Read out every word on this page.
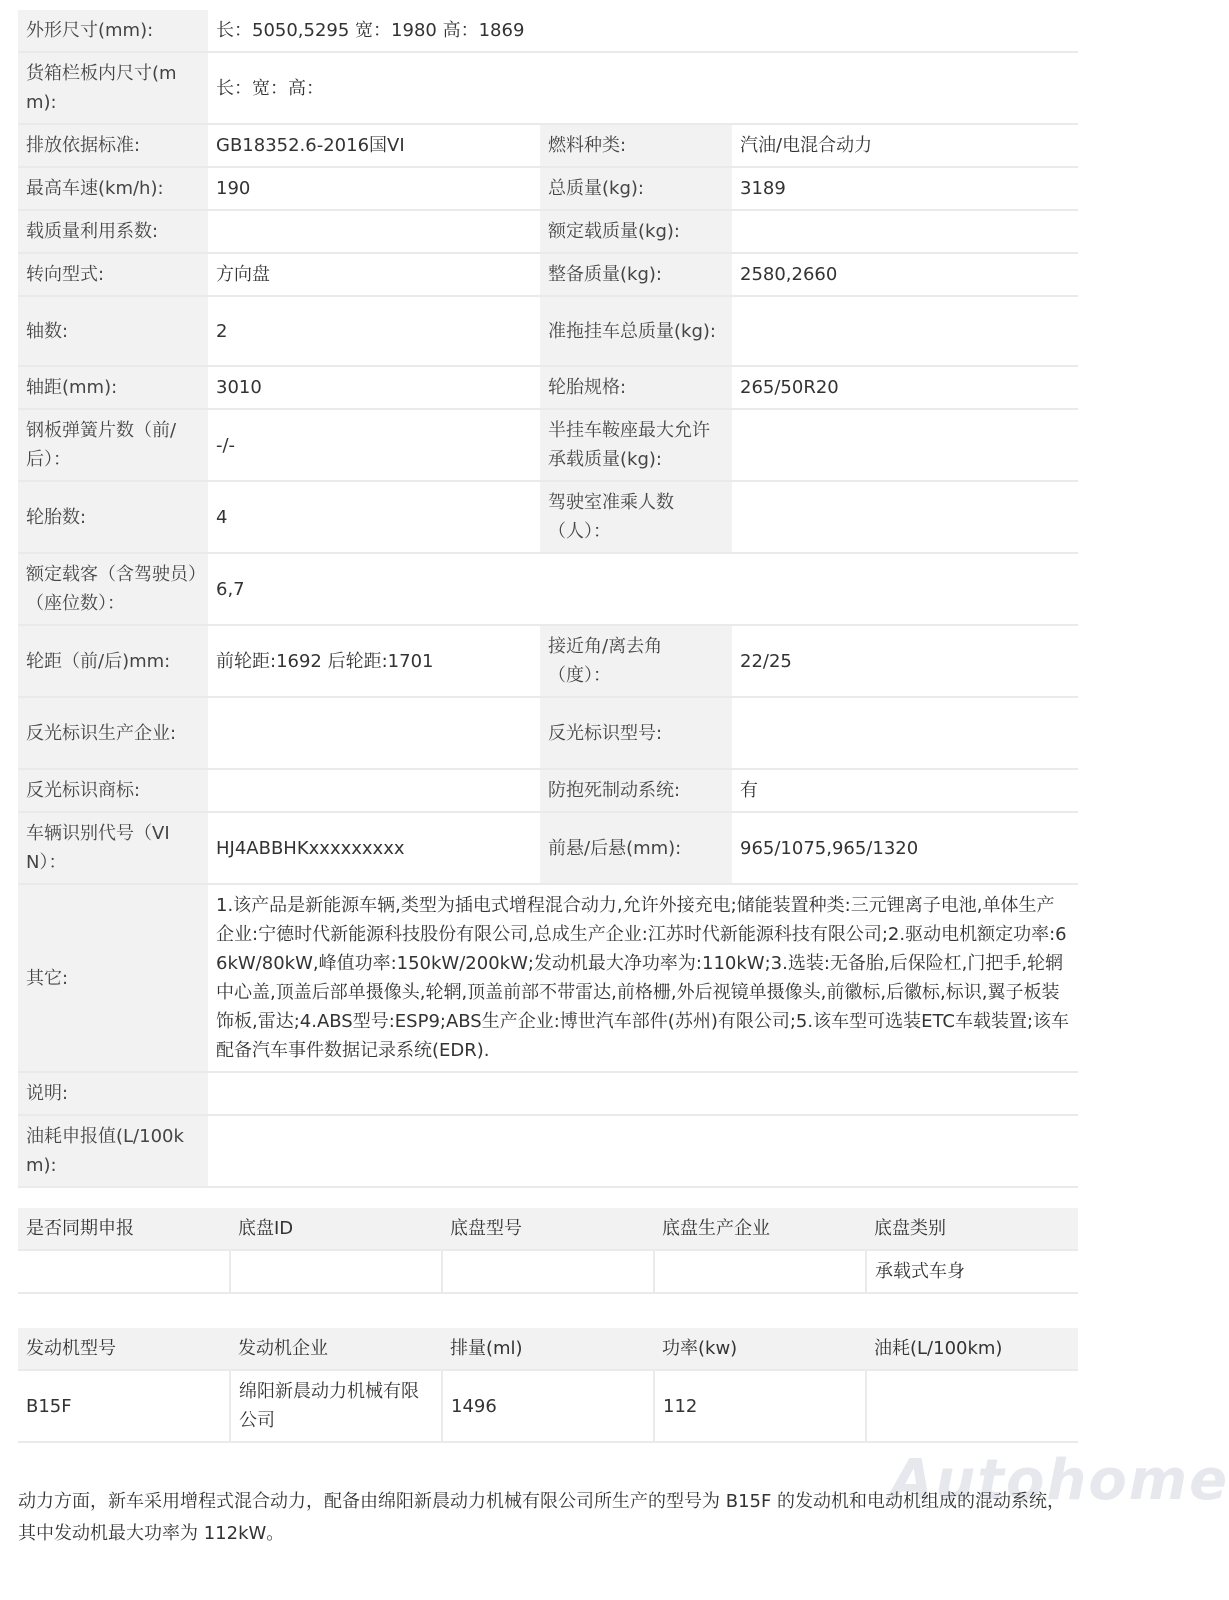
外形尺寸(mm):	长：5050,5295 宽：1980 高：1869		
货箱栏板内尺寸(mm):	长：宽：高：		
排放依据标准:	GB18352.6-2016国VI	燃料种类:	汽油/电混合动力
最高车速(km/h):	190	总质量(kg):	3189
载质量利用系数:		额定载质量(kg):	
转向型式:	方向盘	整备质量(kg):	2580,2660
轴数:	2	准拖挂车总质量(kg):	
轴距(mm):	3010	轮胎规格:	265/50R20
钢板弹簧片数（前/后）：	-/-	半挂车鞍座最大允许承载质量(kg):	
轮胎数:	4	驾驶室准乘人数（人）：	
额定载客（含驾驶员）（座位数）：	6,7		
轮距（前/后)mm:	前轮距:1692 后轮距:1701	接近角/离去角（度）：	22/25
反光标识生产企业:		反光标识型号:	
反光标识商标:		防抱死制动系统:	有
车辆识别代号（VIN）：	HJ4ABBHKxxxxxxxxx	前悬/后悬(mm):	965/1075,965/1320
其它:	1.该产品是新能源车辆,类型为插电式增程混合动力,允许外接充电;储能装置种类:三元锂离子电池,单体生产企业:宁德时代新能源科技股份有限公司,总成生产企业:江苏时代新能源科技有限公司;2.驱动电机额定功率:66kW/80kW,峰值功率:150kW/200kW;发动机最大净功率为:110kW;3.选装:无备胎,后保险杠,门把手,轮辋中心盖,顶盖后部单摄像头,轮辋,顶盖前部不带雷达,前格栅,外后视镜单摄像头,前徽标,后徽标,标识,翼子板装饰板,雷达;4.ABS型号:ESP9;ABS生产企业:博世汽车部件(苏州)有限公司;5.该车型可选装ETC车载装置;该车配备汽车事件数据记录系统(EDR).		
说明:			
油耗申报值(L/100km):			
是否同期申报	底盘ID	底盘型号	底盘生产企业	底盘类别
				承载式车身
发动机型号	发动机企业	排量(ml)	功率(kw)	油耗(L/100km)
B15F	绵阳新晨动力机械有限公司	1496	112	
Autohome

动力方面，新车采用增程式混合动力，配备由绵阳新晨动力机械有限公司所生产的型号为 B15F 的发动机和电动机组成的混动系统，其中发动机最大功率为 112kW。
